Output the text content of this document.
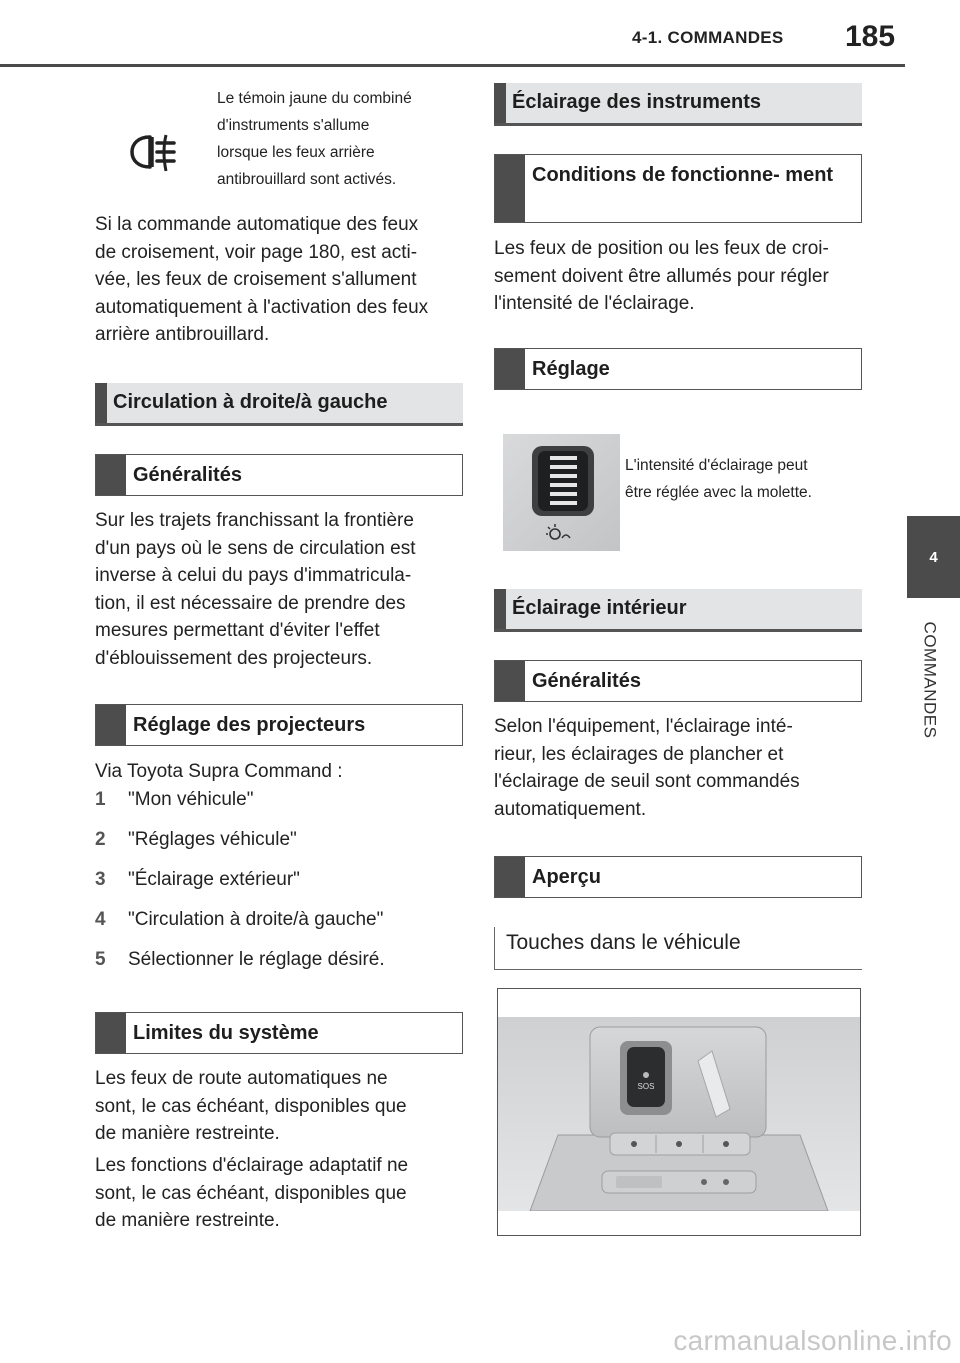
4-1. COMMANDES 185
4
COMMANDES
Le témoin jaune du combiné
d'instruments s'allume
lorsque les feux arrière
antibrouillard sont activés.
Si la commande automatique des feux
de croisement, voir page 180, est acti-
vée, les feux de croisement s'allument
automatiquement à l'activation des feux
arrière antibrouillard.
Circulation à droite/à gauche
Généralités
Sur les trajets franchissant la frontière
d'un pays où le sens de circulation est
inverse à celui du pays d'immatricula-
tion, il est nécessaire de prendre des
mesures permettant d'éviter l'effet
d'éblouissement des projecteurs.
Réglage des projecteurs
Via Toyota Supra Command :
1 "Mon véhicule"
2 "Réglages véhicule"
3 "Éclairage extérieur"
4 "Circulation à droite/à gauche"
5 Sélectionner le réglage désiré.
Limites du système
Les feux de route automatiques ne
sont, le cas échéant, disponibles que
de manière restreinte.
Les fonctions d'éclairage adaptatif ne
sont, le cas échéant, disponibles que
de manière restreinte.
Éclairage des instruments
Conditions de fonctionne- ment
Les feux de position ou les feux de croi-
sement doivent être allumés pour régler
l'intensité de l'éclairage.
Réglage
L'intensité d'éclairage peut
être réglée avec la molette.
Éclairage intérieur
Généralités
Selon l'équipement, l'éclairage inté-
rieur, les éclairages de plancher et
l'éclairage de seuil sont commandés
automatiquement.
Aperçu
Touches dans le véhicule
SOS
carmanualsonline.info
